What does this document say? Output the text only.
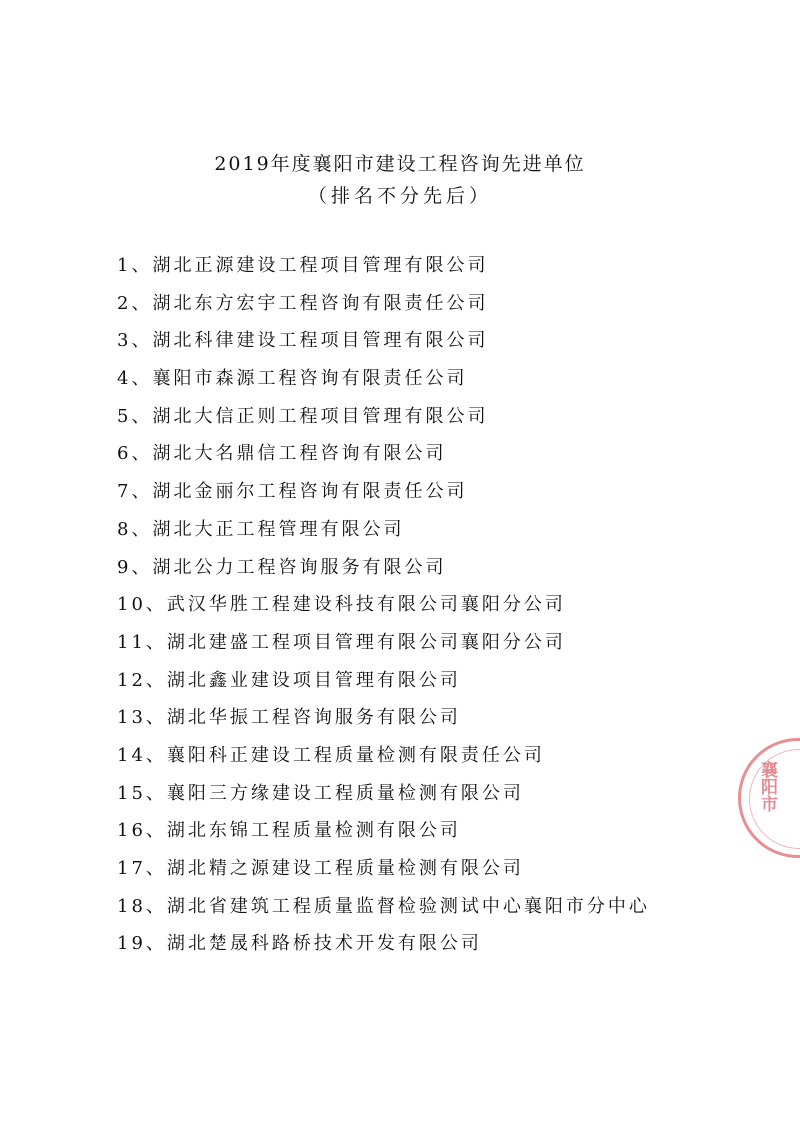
2019年度襄阳市建设工程咨询先进单位
（排名不分先后）
1、湖北正源建设工程项目管理有限公司
2、湖北东方宏宇工程咨询有限责任公司
3、湖北科律建设工程项目管理有限公司
4、襄阳市森源工程咨询有限责任公司
5、湖北大信正则工程项目管理有限公司
6、湖北大名鼎信工程咨询有限公司
7、湖北金丽尔工程咨询有限责任公司
8、湖北大正工程管理有限公司
9、湖北公力工程咨询服务有限公司
10、武汉华胜工程建设科技有限公司襄阳分公司
11、湖北建盛工程项目管理有限公司襄阳分公司
12、湖北鑫业建设项目管理有限公司
13、湖北华振工程咨询服务有限公司
14、襄阳科正建设工程质量检测有限责任公司
15、襄阳三方缘建设工程质量检测有限公司
16、湖北东锦工程质量检测有限公司
17、湖北精之源建设工程质量检测有限公司
18、湖北省建筑工程质量监督检验测试中心襄阳市分中心
19、湖北楚晟科路桥技术开发有限公司
襄阳市
